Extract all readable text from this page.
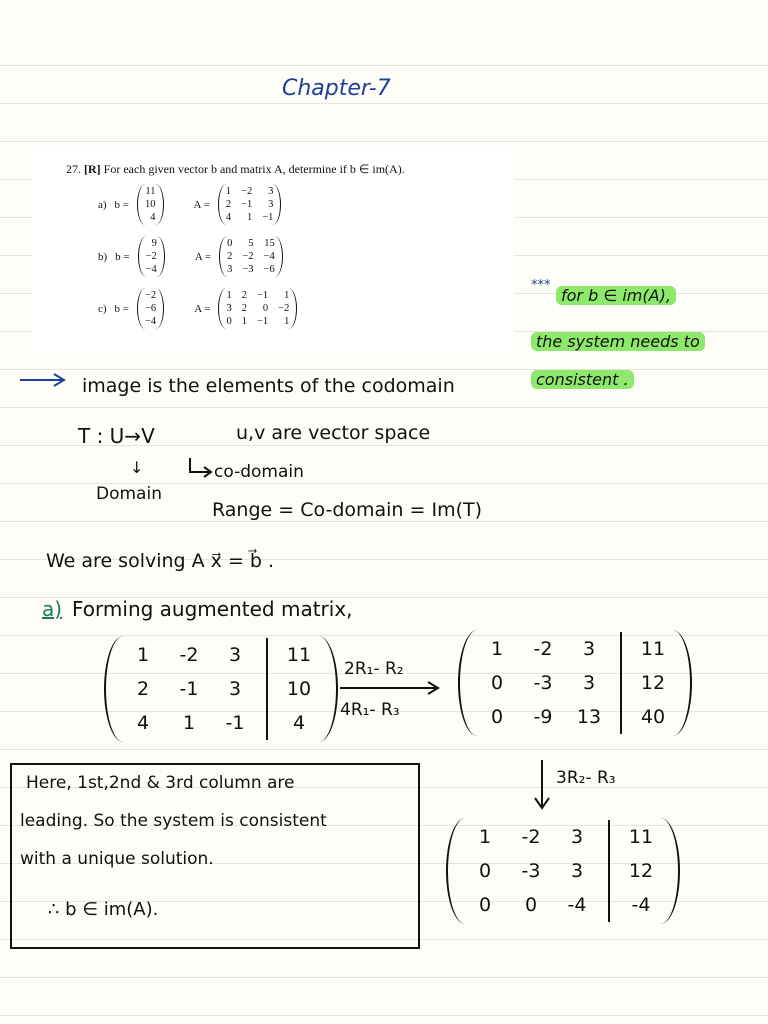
Chapter-7
27. [R] For each given vector b and matrix A, determine if b ∈ im(A).
a) b =
11
10
4
A =
1
2
4
−2
−1
1
3
3
−1
b) b =
9
−2
−4
A =
0
2
3
5
−2
−3
15
−4
−6
c) b =
−2
−6
−4
A =
1
3
0
2
2
1
−1
0
−1
1
−2
1
***
for b ∈ im(A),
the system needs to
consistent .
image is the elements of the codomain
T : U→V	u,v are vector space
↓	co-domain
Domain
Range = Co-domain = Im(T)
We are solving A x⃗ = b⃗ .
a) Forming augmented matrix,
1
2
4
-2
-1
1
3
3
-1
11
10
4
2R₁- R₂
4R₁- R₃
1
0
0
-2
-3
-9
3
3
13
11
12
40
3R₂- R₃
1
0
0
-2
-3
0
3
3
-4
11
12
-4
Here, 1st,2nd & 3rd column are
leading. So the system is consistent
with a unique solution.
∴ b ∈ im(A).
